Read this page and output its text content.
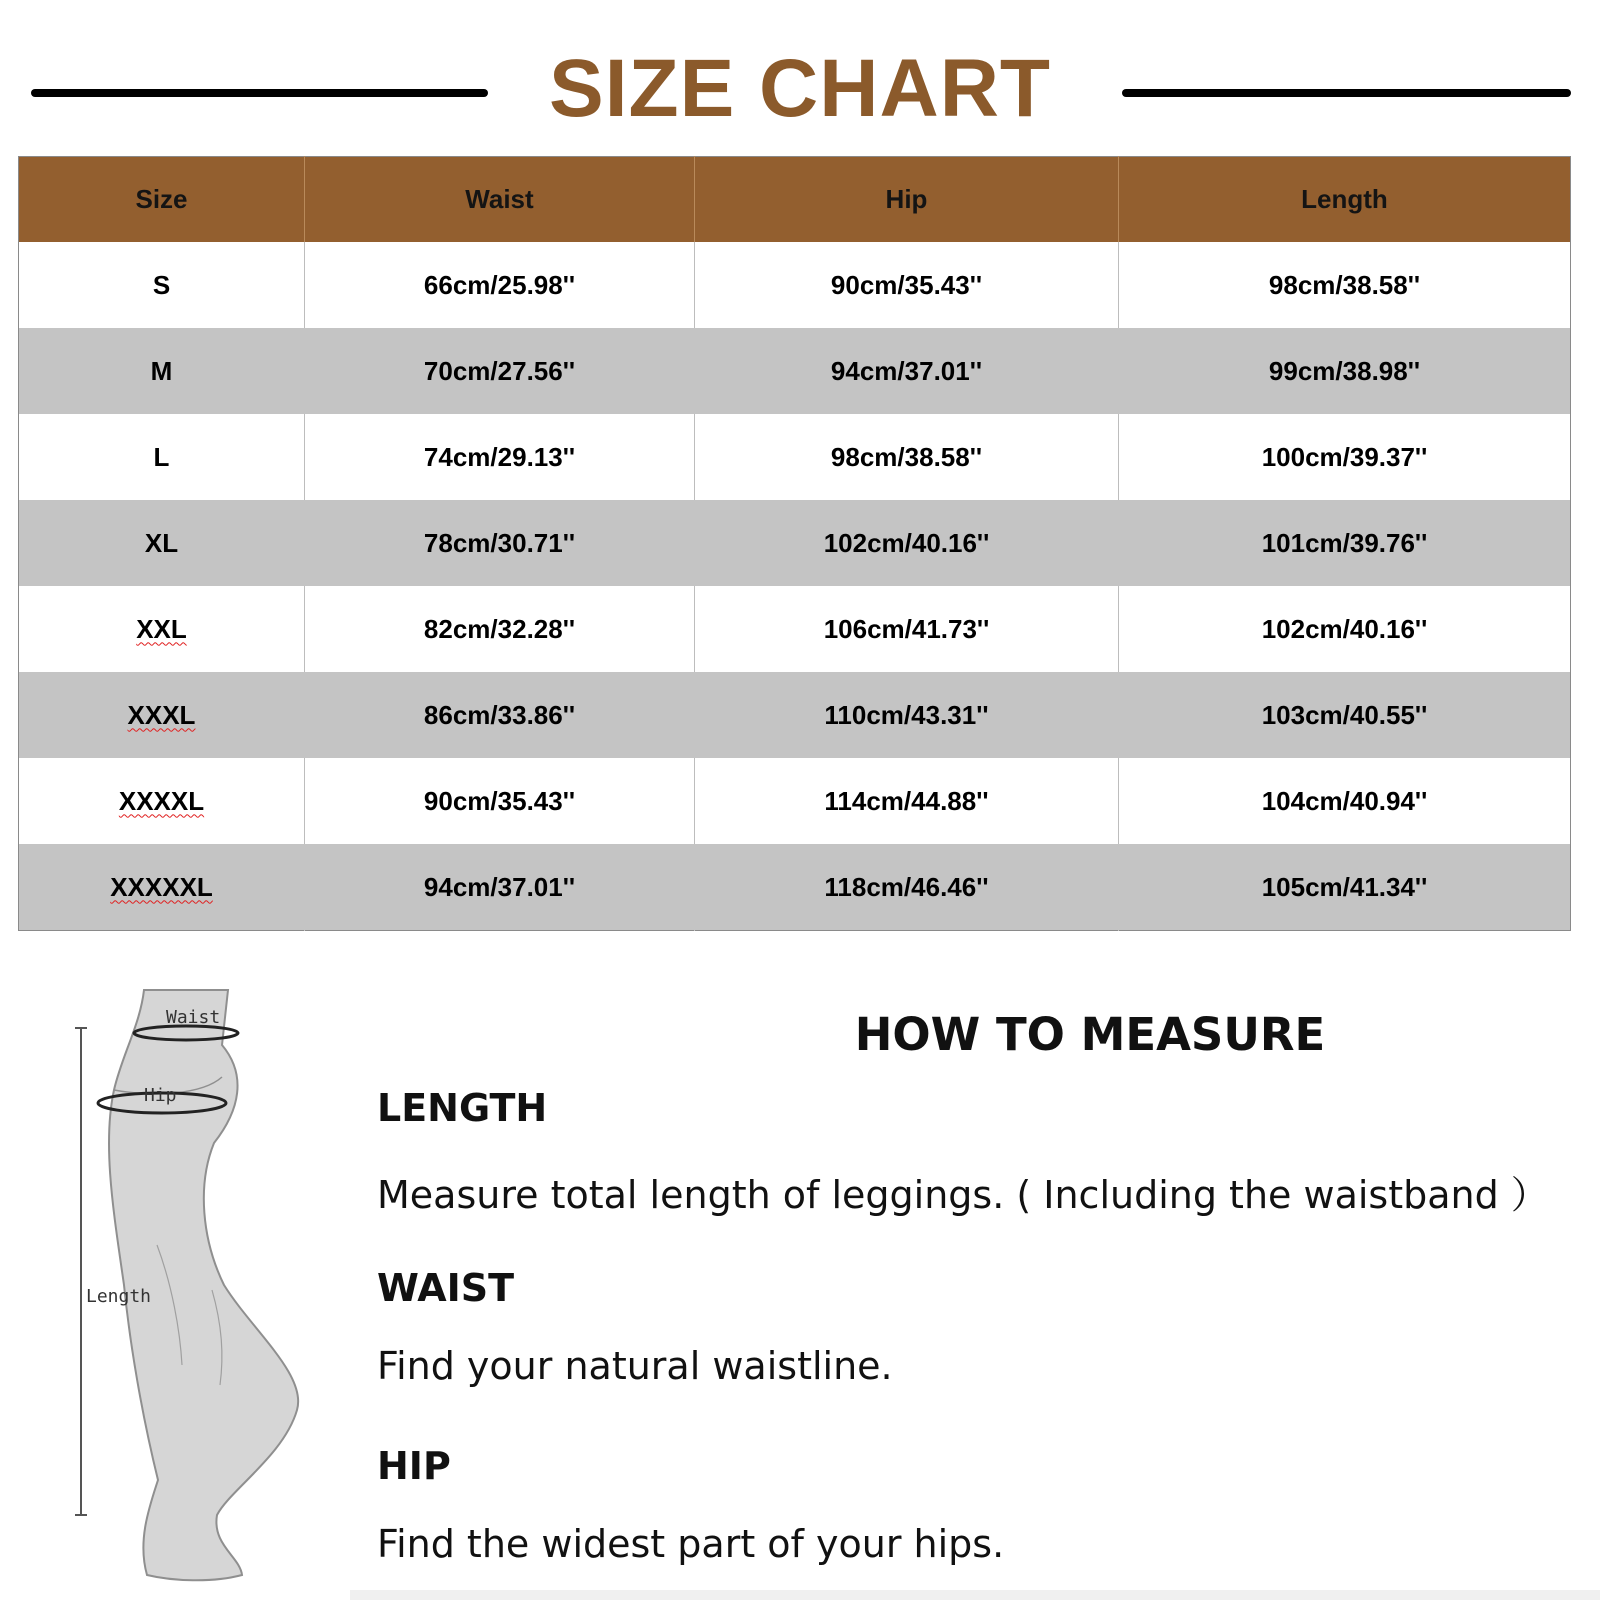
SIZE CHART
Size	Waist	Hip	Length
S	66cm/25.98''	90cm/35.43''	98cm/38.58''
M	70cm/27.56''	94cm/37.01''	99cm/38.98''
L	74cm/29.13''	98cm/38.58''	100cm/39.37''
XL	78cm/30.71''	102cm/40.16''	101cm/39.76''
XXL	82cm/32.28''	106cm/41.73''	102cm/40.16''
XXXL	86cm/33.86''	110cm/43.31''	103cm/40.55''
XXXXL	90cm/35.43''	114cm/44.88''	104cm/40.94''
XXXXXL	94cm/37.01''	118cm/46.46''	105cm/41.34''
Waist
Hip
Length
HOW TO MEASURE
LENGTH
Measure total length of leggings. ( Including the waistband ）
WAIST
Find your natural waistline.
HIP
Find the widest part of your hips.
